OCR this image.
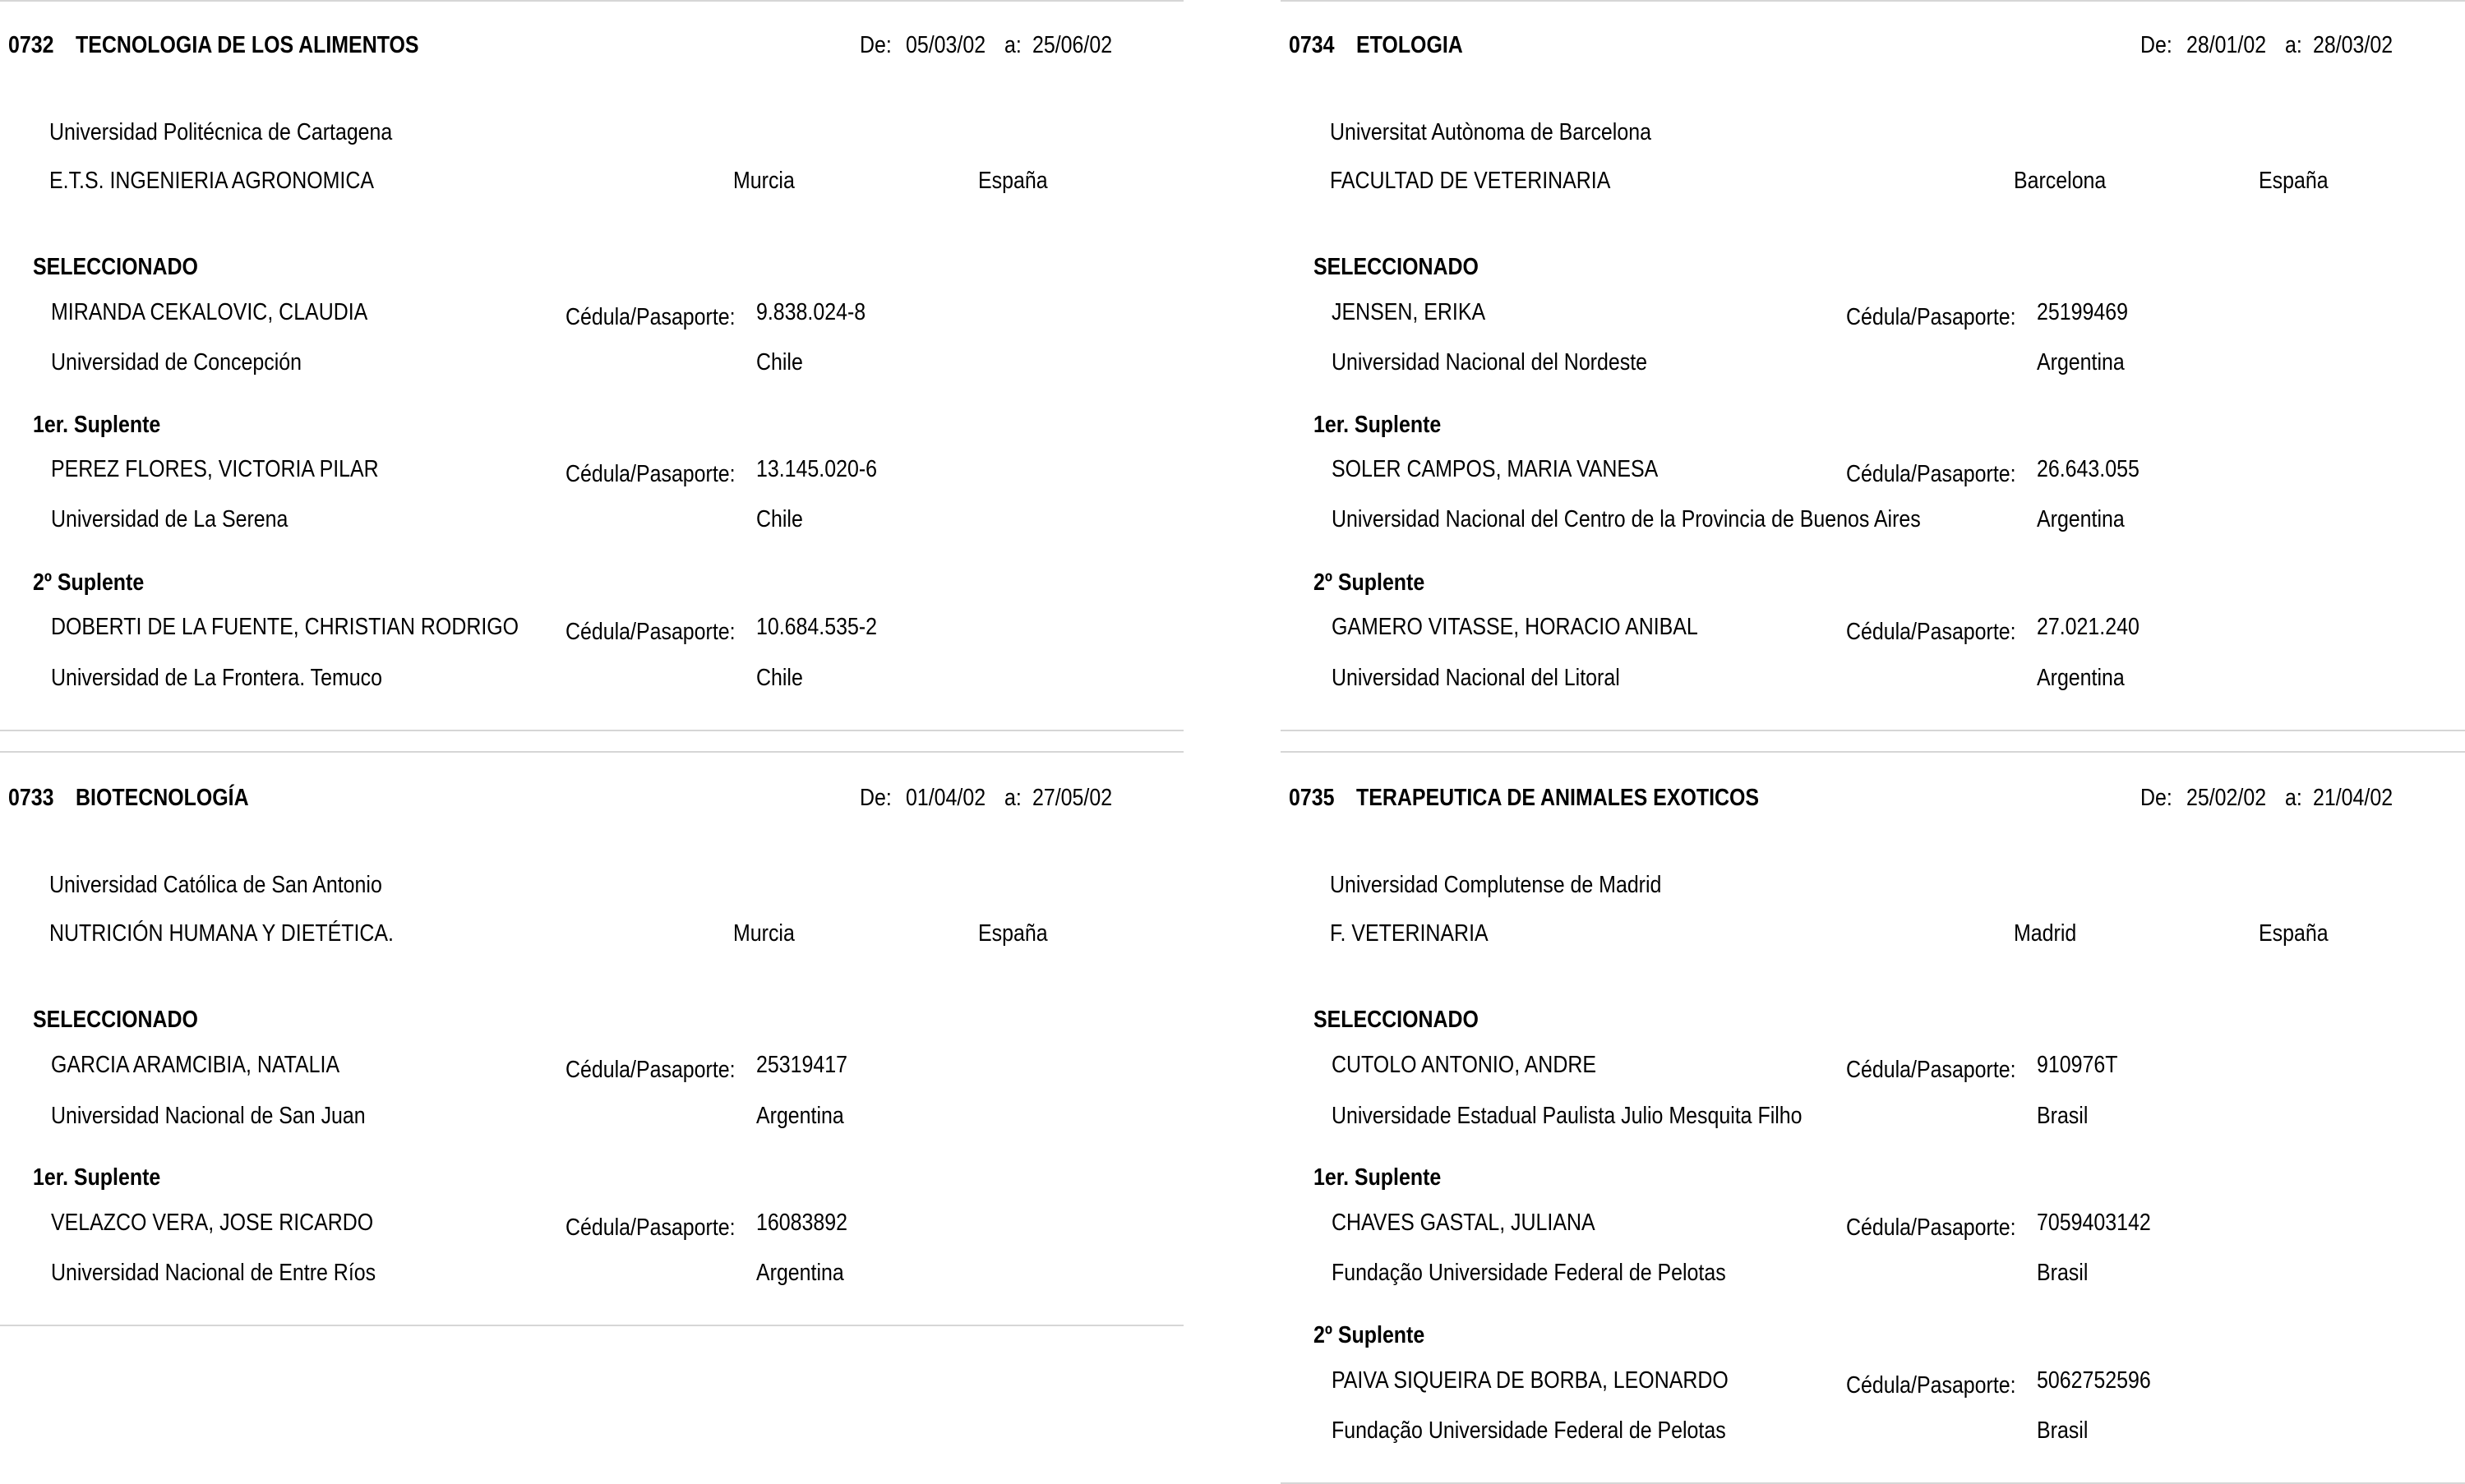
0732 TECNOLOGIA DE LOS ALIMENTOS	De: 05/03/02 a: 25/06/02
Universidad Politécnica de Cartagena
E.T.S. INGENIERIA AGRONOMICA	Murcia	España
SELECCIONADO
MIRANDA CEKALOVIC, CLAUDIA	Cédula/Pasaporte: 9.838.024-8
Universidad de Concepción	Chile
1er. Suplente
PEREZ FLORES, VICTORIA PILAR	Cédula/Pasaporte: 13.145.020-6
Universidad de La Serena	Chile
2º Suplente
DOBERTI DE LA FUENTE, CHRISTIAN RODRIGO Cédula/Pasaporte: 10.684.535-2
Universidad de La Frontera. Temuco	Chile
0734 ETOLOGIA	De: 28/01/02 a: 28/03/02
Universitat Autònoma de Barcelona
FACULTAD DE VETERINARIA	Barcelona	España
SELECCIONADO
JENSEN, ERIKA	Cédula/Pasaporte: 25199469
Universidad Nacional del Nordeste	Argentina
1er. Suplente
SOLER CAMPOS, MARIA VANESA	Cédula/Pasaporte: 26.643.055
Universidad Nacional del Centro de la Provincia de Buenos Aires	Argentina
2º Suplente
GAMERO VITASSE, HORACIO ANIBAL	Cédula/Pasaporte: 27.021.240
Universidad Nacional del Litoral	Argentina
0733 BIOTECNOLOGÍA	De: 01/04/02 a: 27/05/02
Universidad Católica de San Antonio
NUTRICIÓN HUMANA Y DIETÉTICA.	Murcia	España
SELECCIONADO
GARCIA ARAMCIBIA, NATALIA	Cédula/Pasaporte: 25319417
Universidad Nacional de San Juan	Argentina
1er. Suplente
VELAZCO VERA, JOSE RICARDO	Cédula/Pasaporte: 16083892
Universidad Nacional de Entre Ríos	Argentina
0735 TERAPEUTICA DE ANIMALES EXOTICOS	De: 25/02/02 a: 21/04/02
Universidad Complutense de Madrid
F. VETERINARIA	Madrid	España
SELECCIONADO
CUTOLO ANTONIO, ANDRE	Cédula/Pasaporte: 910976T
Universidade Estadual Paulista Julio Mesquita Filho	Brasil
1er. Suplente
CHAVES GASTAL, JULIANA	Cédula/Pasaporte: 7059403142
Fundação Universidade Federal de Pelotas	Brasil
2º Suplente
PAIVA SIQUEIRA DE BORBA, LEONARDO	Cédula/Pasaporte: 5062752596
Fundação Universidade Federal de Pelotas	Brasil
